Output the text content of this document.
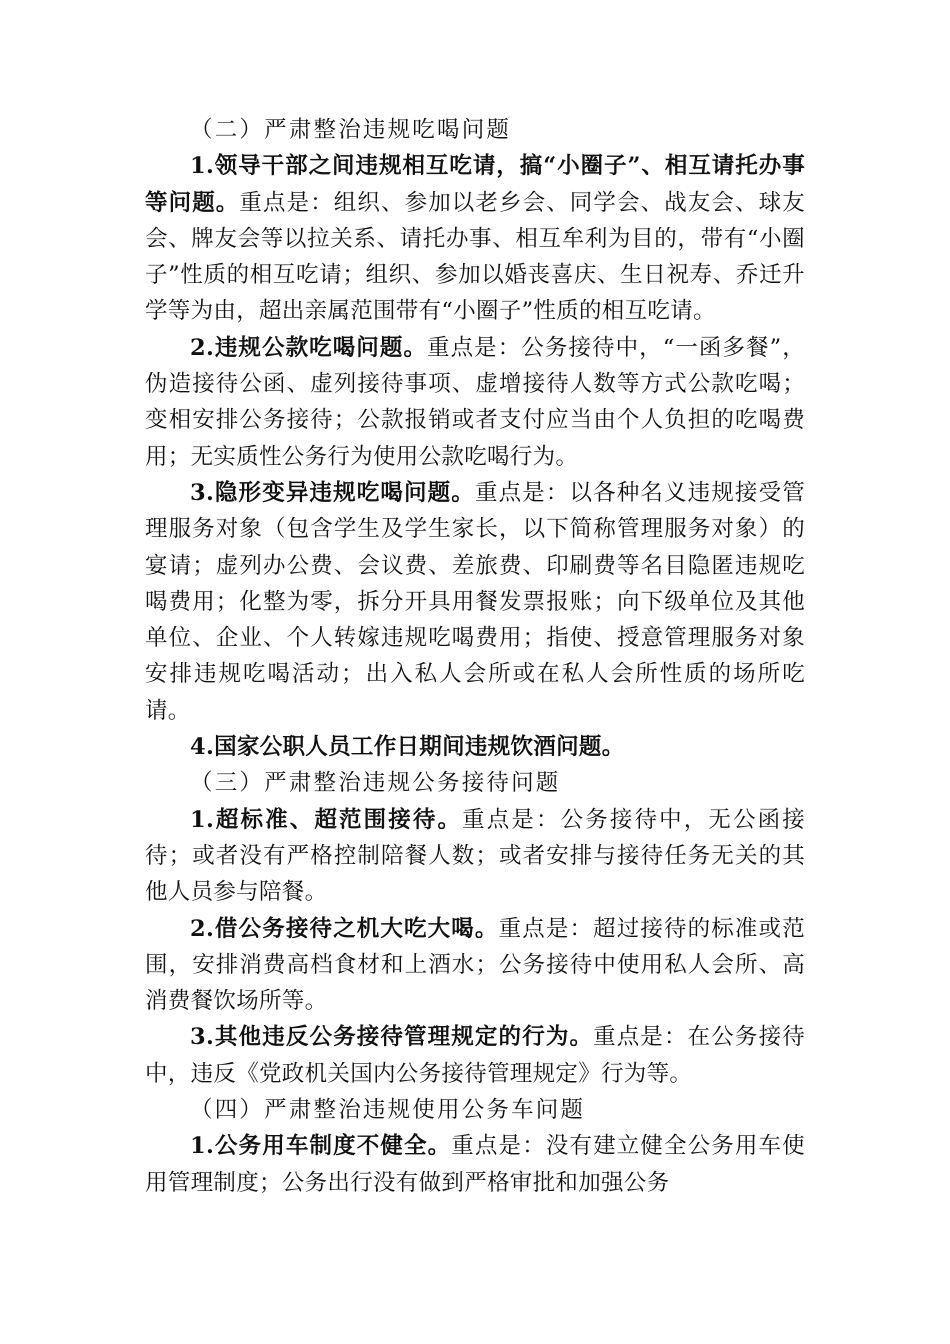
（二）严肃整治违规吃喝问题

1.领导干部之间违规相互吃请，搞“小圈子”、相互请托办事等问题。重点是：组织、参加以老乡会、同学会、战友会、球友会、牌友会等以拉关系、请托办事、相互牟利为目的，带有“小圈子”性质的相互吃请；组织、参加以婚丧喜庆、生日祝寿、乔迁升学等为由，超出亲属范围带有“小圈子”性质的相互吃请。

2.违规公款吃喝问题。重点是：公务接待中，“一函多餐”，伪造接待公函、虚列接待事项、虚增接待人数等方式公款吃喝；变相安排公务接待；公款报销或者支付应当由个人负担的吃喝费用；无实质性公务行为使用公款吃喝行为。

3.隐形变异违规吃喝问题。重点是：以各种名义违规接受管理服务对象（包含学生及学生家长，以下简称管理服务对象）的宴请；虚列办公费、会议费、差旅费、印刷费等名目隐匿违规吃喝费用；化整为零，拆分开具用餐发票报账；向下级单位及其他单位、企业、个人转嫁违规吃喝费用；指使、授意管理服务对象安排违规吃喝活动；出入私人会所或在私人会所性质的场所吃请。

4.国家公职人员工作日期间违规饮酒问题。

（三）严肃整治违规公务接待问题

1.超标准、超范围接待。重点是：公务接待中，无公函接待；或者没有严格控制陪餐人数；或者安排与接待任务无关的其他人员参与陪餐。

2.借公务接待之机大吃大喝。重点是：超过接待的标准或范围，安排消费高档食材和上酒水；公务接待中使用私人会所、高消费餐饮场所等。

3.其他违反公务接待管理规定的行为。重点是：在公务接待中，违反《党政机关国内公务接待管理规定》行为等。

（四）严肃整治违规使用公务车问题

1.公务用车制度不健全。重点是：没有建立健全公务用车使用管理制度；公务出行没有做到严格审批和加强公务
